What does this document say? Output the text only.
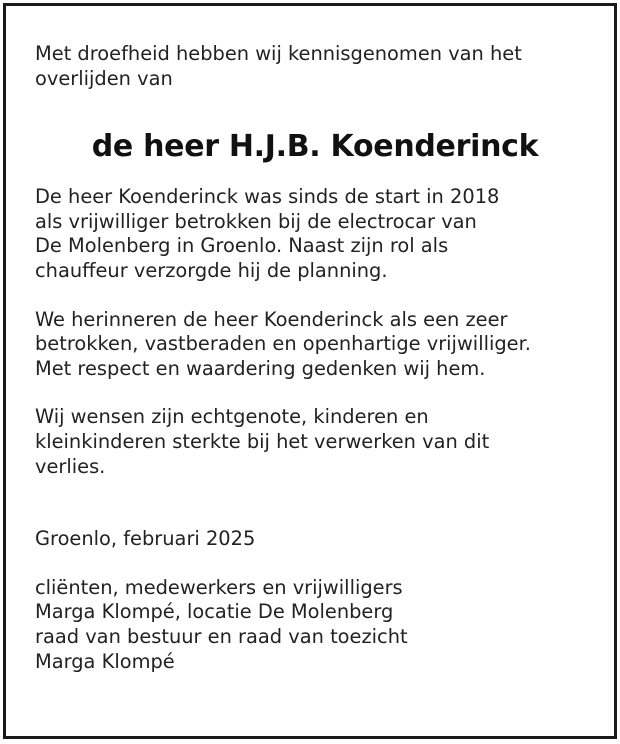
Met droefheid hebben wij kennisgenomen van het
overlijden van

de heer H.J.B. Koenderinck

De heer Koenderinck was sinds de start in 2018
als vrijwilliger betrokken bij de electrocar van
De Molenberg in Groenlo. Naast zijn rol als
chauffeur verzorgde hij de planning.

We herinneren de heer Koenderinck als een zeer
betrokken, vastberaden en openhartige vrijwilliger.
Met respect en waardering gedenken wij hem.

Wij wensen zijn echtgenote, kinderen en
kleinkinderen sterkte bij het verwerken van dit
verlies.

Groenlo, februari 2025

cliënten, medewerkers en vrijwilligers
Marga Klompé, locatie De Molenberg
raad van bestuur en raad van toezicht
Marga Klompé
